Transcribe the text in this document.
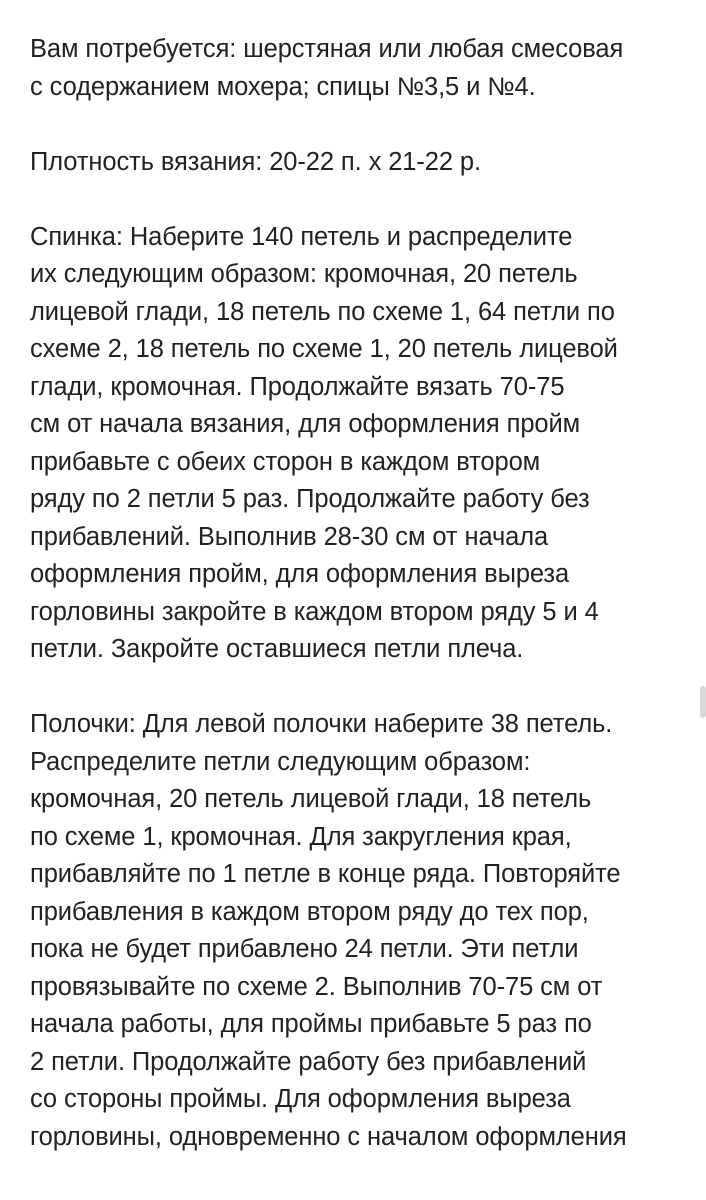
Вам потребуется: шерстяная или любая смесовая
с содержанием мохера; спицы №3,5 и №4.
Плотность вязания: 20-22 п. х 21-22 р.
Спинка: Наберите 140 петель и распределите
их следующим образом: кромочная, 20 петель
лицевой глади, 18 петель по схеме 1, 64 петли по
схеме 2, 18 петель по схеме 1, 20 петель лицевой
глади, кромочная. Продолжайте вязать 70-75
см от начала вязания, для оформления пройм
прибавьте с обеих сторон в каждом втором
ряду по 2 петли 5 раз. Продолжайте работу без
прибавлений. Выполнив 28-30 см от начала
оформления пройм, для оформления выреза
горловины закройте в каждом втором ряду 5 и 4
петли. Закройте оставшиеся петли плеча.
Полочки: Для левой полочки наберите 38 петель.
Распределите петли следующим образом:
кромочная, 20 петель лицевой глади, 18 петель
по схеме 1, кромочная. Для закругления края,
прибавляйте по 1 петле в конце ряда. Повторяйте
прибавления в каждом втором ряду до тех пор,
пока не будет прибавлено 24 петли. Эти петли
провязывайте по схеме 2. Выполнив 70-75 см от
начала работы, для проймы прибавьте 5 раз по
2 петли. Продолжайте работу без прибавлений
со стороны проймы. Для оформления выреза
горловины, одновременно с началом оформления
